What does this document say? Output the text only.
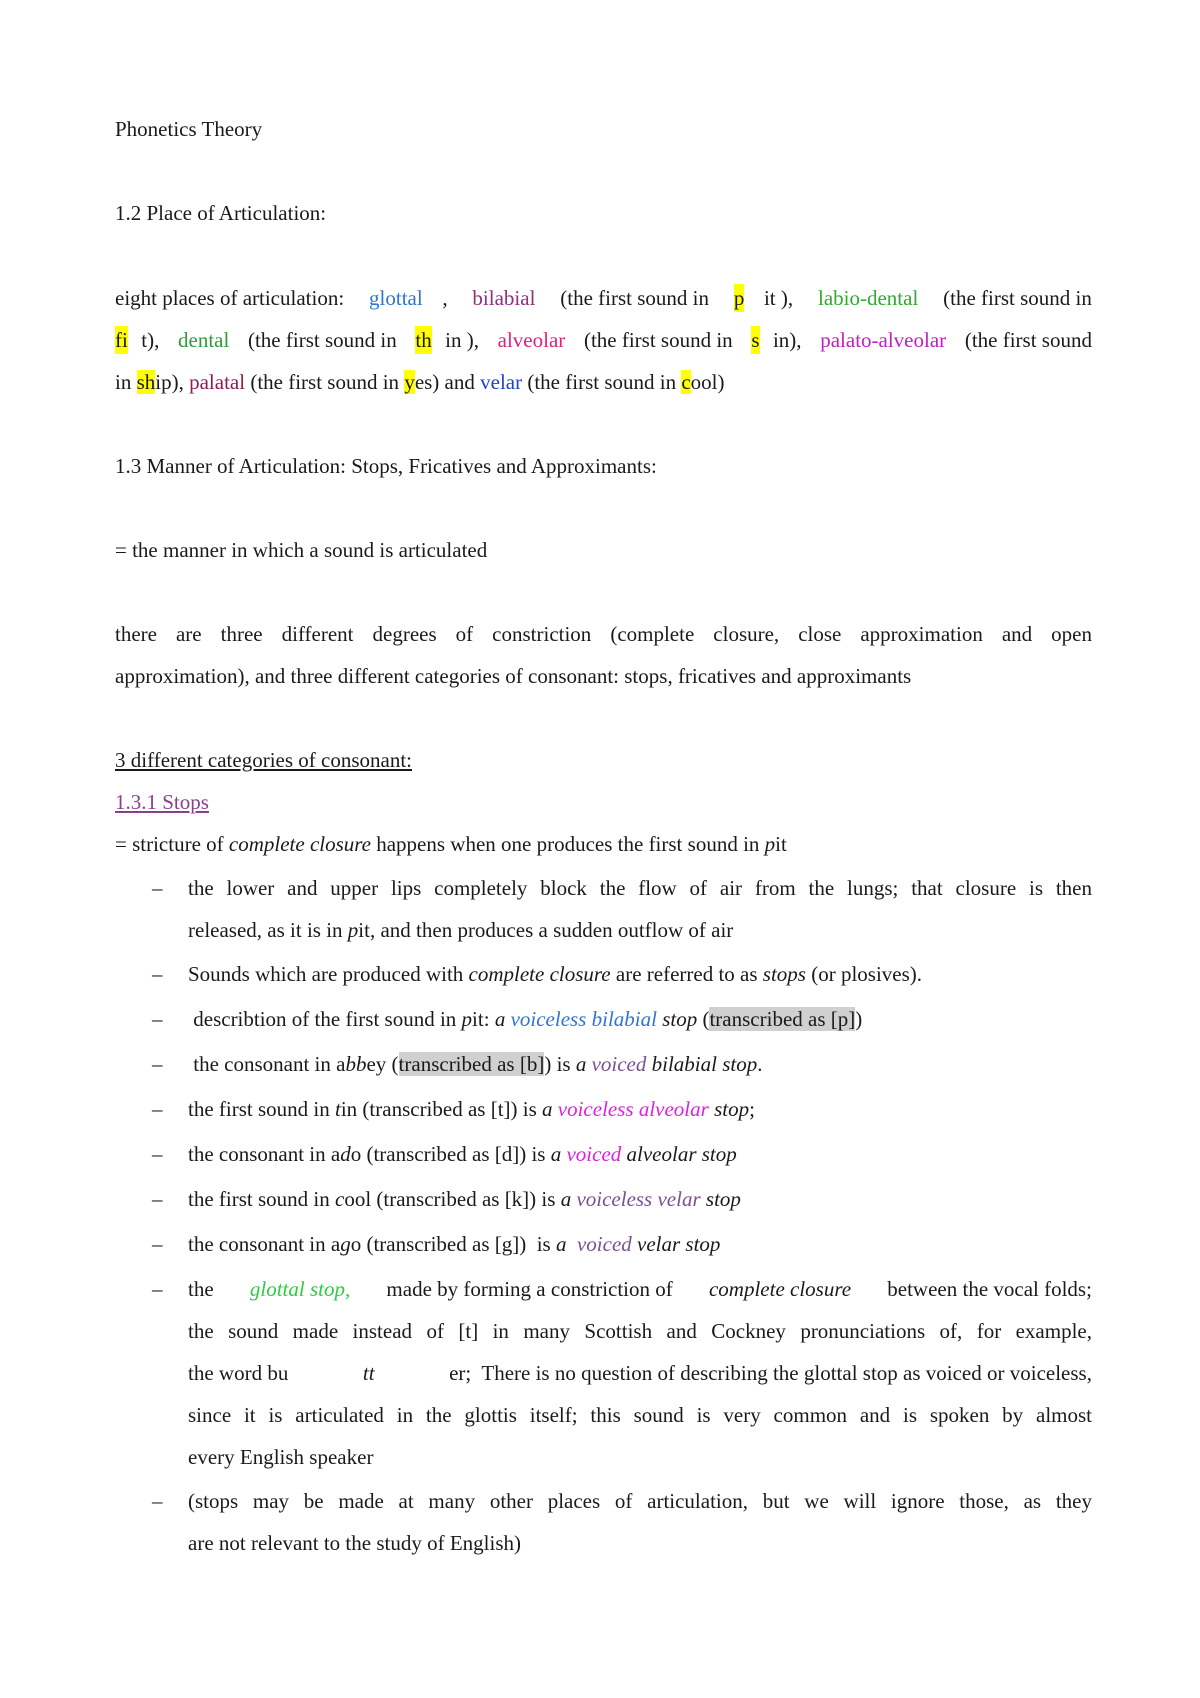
Phonetics Theory
1.2 Place of Articulation:
eight places of articulation: glottal , bilabial (the first sound in p it ), labio-dental (the first sound in
fi t), dental (the first sound in th in ), alveolar (the first sound in s in), palato-alveolar (the first sound
in ship), palatal (the first sound in yes) and velar (the first sound in cool)
1.3 Manner of Articulation: Stops, Fricatives and Approximants:
= the manner in which a sound is articulated
there are three different degrees of constriction (complete closure, close approximation and open
approximation), and three different categories of consonant: stops, fricatives and approximants
3 different categories of consonant:
1.3.1 Stops
= stricture of complete closure happens when one produces the first sound in pit
– the lower and upper lips completely block the flow of air from the lungs; that closure is then
released, as it is in pit, and then produces a sudden outflow of air
– Sounds which are produced with complete closure are referred to as stops (or plosives).
– describtion of the first sound in pit: a voiceless bilabial stop (transcribed as [p])
– the consonant in abbey (transcribed as [b]) is a voiced bilabial stop.
– the first sound in tin (transcribed as [t]) is a voiceless alveolar stop;
– the consonant in ado (transcribed as [d]) is a voiced alveolar stop
– the first sound in cool (transcribed as [k]) is a voiceless velar stop
– the consonant in ago (transcribed as [g])  is a  voiced velar stop
– the glottal stop, made by forming a constriction of complete closure between the vocal folds;
the sound made instead of [t] in many Scottish and Cockney pronunciations of, for example,
the word bu	tt	er;  There is no question of describing the glottal stop as voiced or voiceless,
since it is articulated in the glottis itself; this sound is very common and is spoken by almost
every English speaker
– (stops may be made at many other places of articulation, but we will ignore those, as they
are not relevant to the study of English)
